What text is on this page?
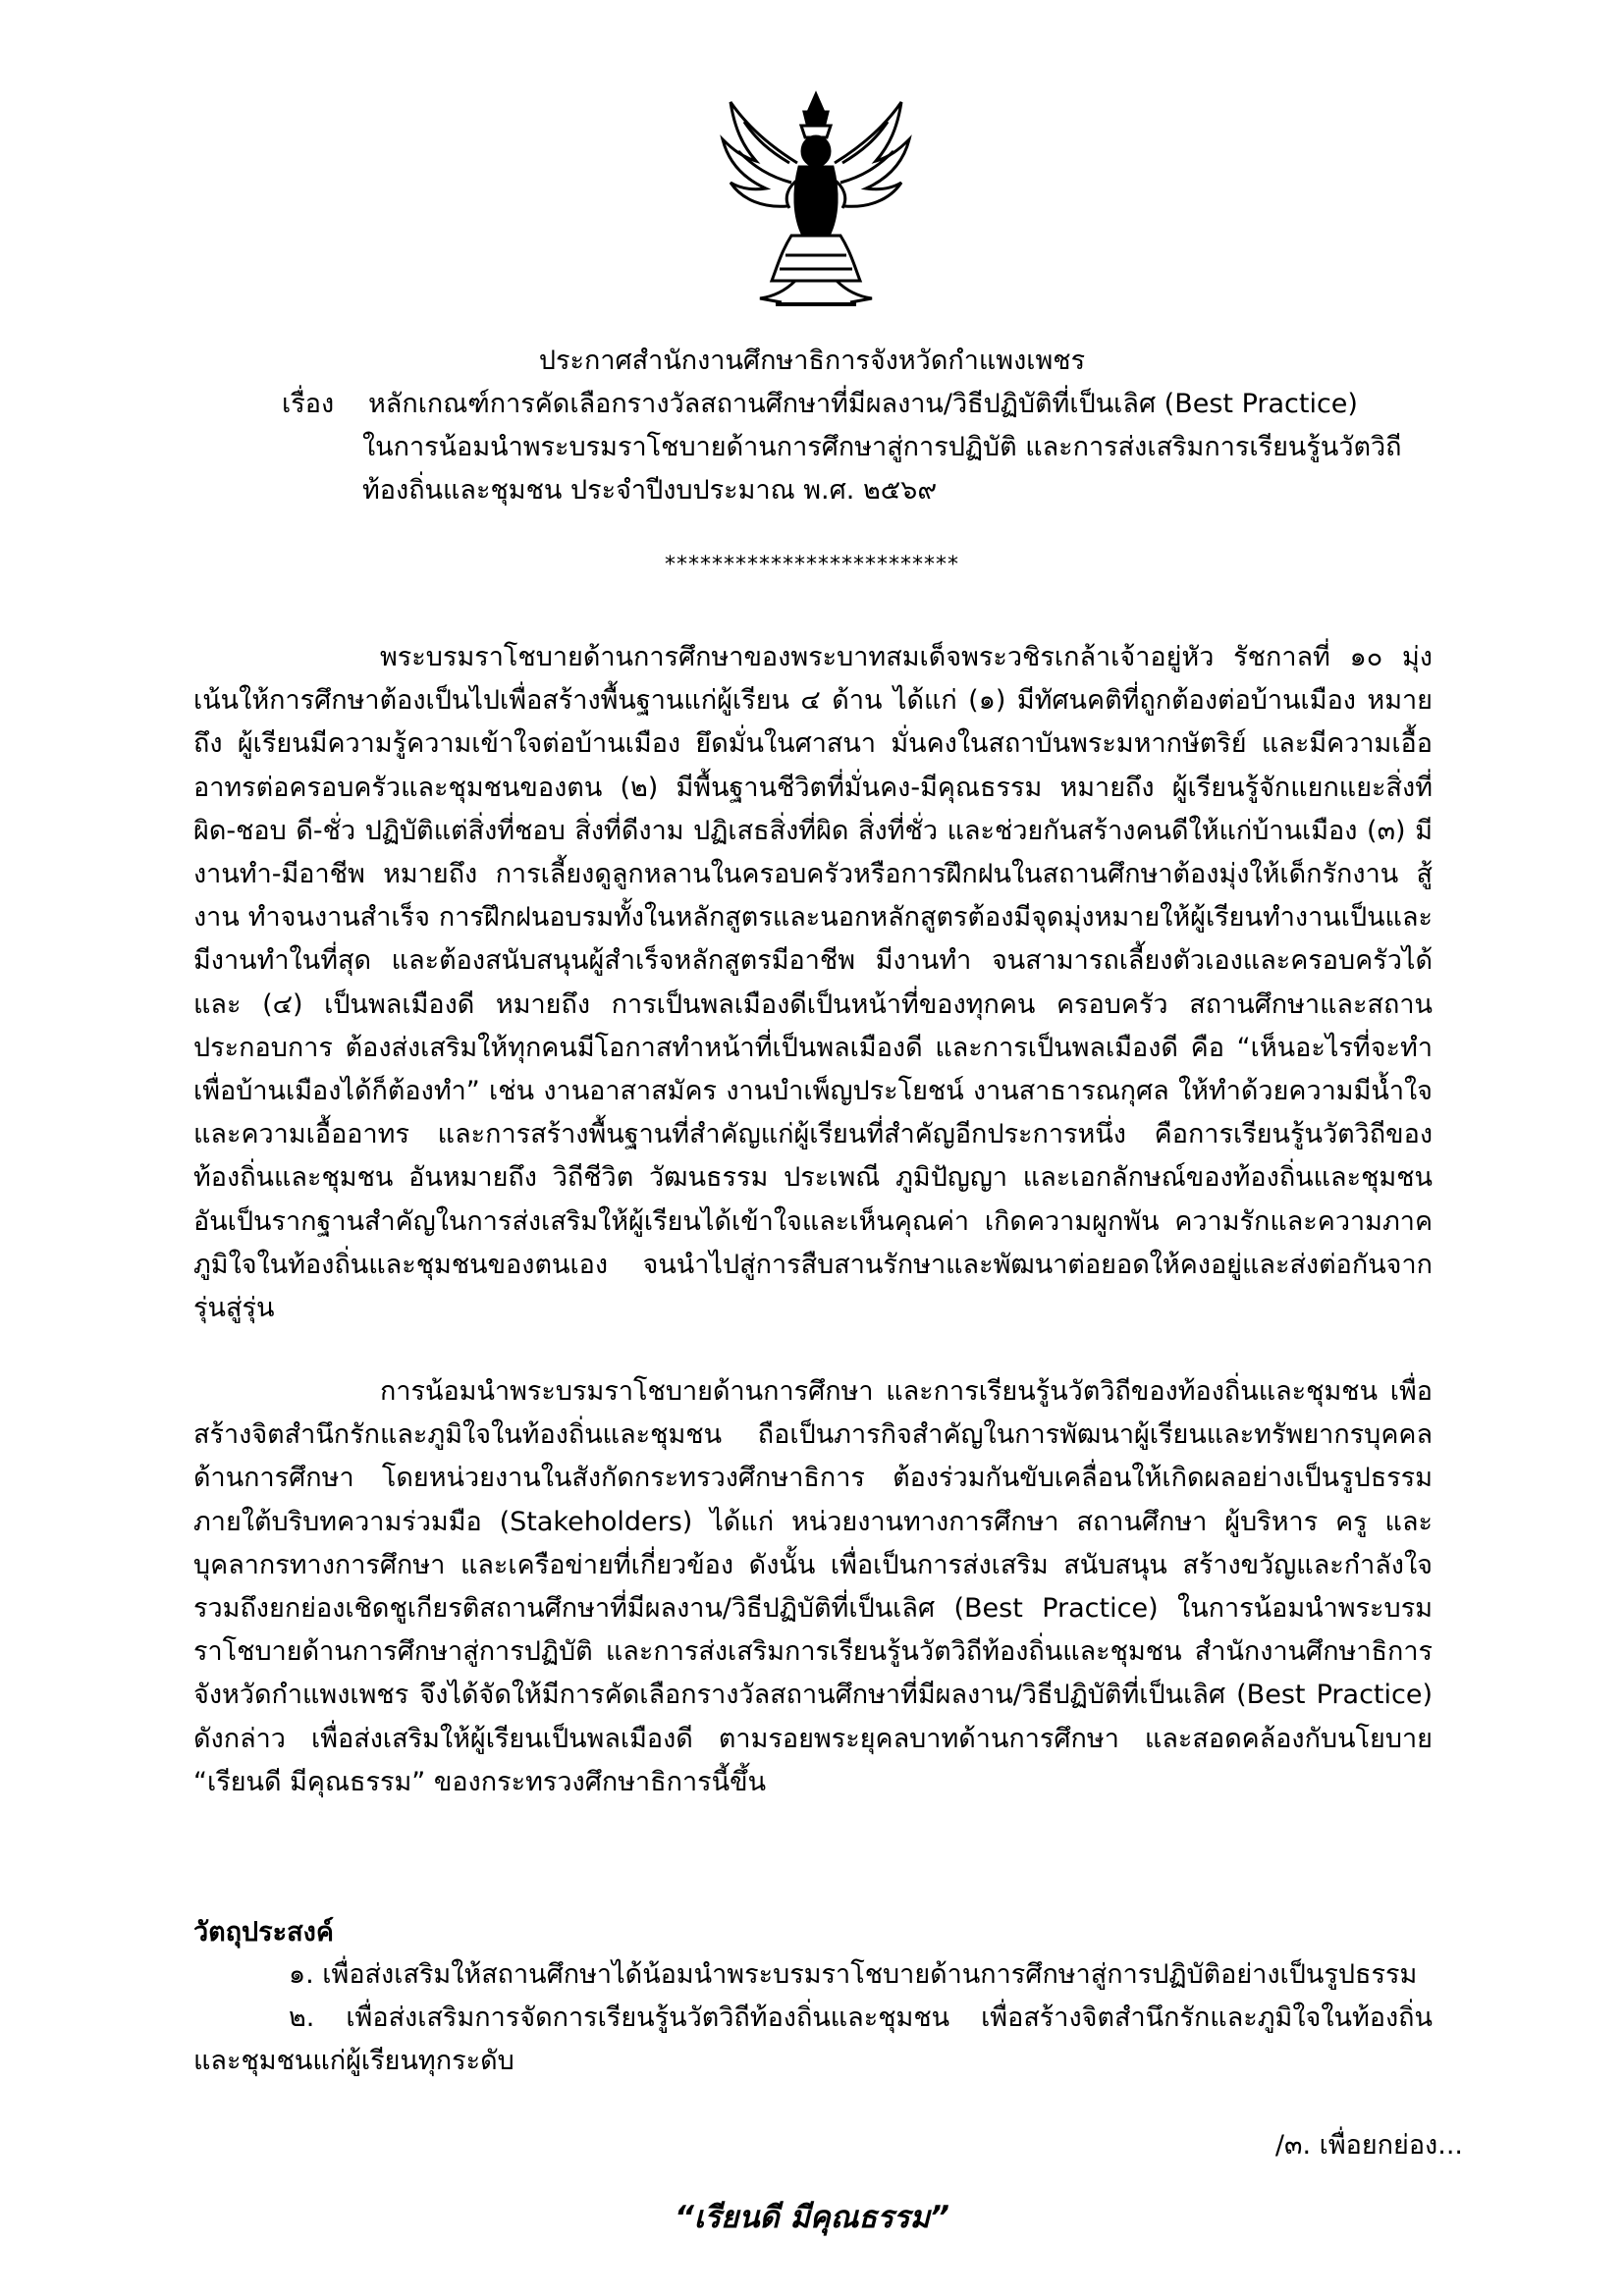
ประกาศสำนักงานศึกษาธิการจังหวัดกำแพงเพชร
เรื่อง หลักเกณฑ์การคัดเลือกรางวัลสถานศึกษาที่มีผลงาน/วิธีปฏิบัติที่เป็นเลิศ (Best Practice)
ในการน้อมนำพระบรมราโชบายด้านการศึกษาสู่การปฏิบัติ และการส่งเสริมการเรียนรู้นวัตวิถี
ท้องถิ่นและชุมชน ประจำปีงบประมาณ พ.ศ. ๒๕๖๙
*************************
พระบรมราโชบายด้านการศึกษาของพระบาทสมเด็จพระวชิรเกล้าเจ้าอยู่หัว รัชกาลที่ ๑๐ มุ่งเน้นให้การศึกษาต้องเป็นไปเพื่อสร้างพื้นฐานแก่ผู้เรียน ๔ ด้าน ได้แก่ (๑) มีทัศนคติที่ถูกต้องต่อบ้านเมือง หมายถึง ผู้เรียนมีความรู้ความเข้าใจต่อบ้านเมือง ยึดมั่นในศาสนา มั่นคงในสถาบันพระมหากษัตริย์ และมีความเอื้ออาทรต่อครอบครัวและชุมชนของตน (๒) มีพื้นฐานชีวิตที่มั่นคง-มีคุณธรรม หมายถึง ผู้เรียนรู้จักแยกแยะสิ่งที่ผิด-ชอบ ดี-ชั่ว ปฏิบัติแต่สิ่งที่ชอบ สิ่งที่ดีงาม ปฏิเสธสิ่งที่ผิด สิ่งที่ชั่ว และช่วยกันสร้างคนดีให้แก่บ้านเมือง (๓) มีงานทำ-มีอาชีพ หมายถึง การเลี้ยงดูลูกหลานในครอบครัวหรือการฝึกฝนในสถานศึกษาต้องมุ่งให้เด็กรักงาน สู้งาน ทำจนงานสำเร็จ การฝึกฝนอบรมทั้งในหลักสูตรและนอกหลักสูตรต้องมีจุดมุ่งหมายให้ผู้เรียนทำงานเป็นและมีงานทำในที่สุด และต้องสนับสนุนผู้สำเร็จหลักสูตรมีอาชีพ มีงานทำ จนสามารถเลี้ยงตัวเองและครอบครัวได้และ (๔) เป็นพลเมืองดี หมายถึง การเป็นพลเมืองดีเป็นหน้าที่ของทุกคน ครอบครัว สถานศึกษาและสถานประกอบการ ต้องส่งเสริมให้ทุกคนมีโอกาสทำหน้าที่เป็นพลเมืองดี และการเป็นพลเมืองดี คือ “เห็นอะไรที่จะทำเพื่อบ้านเมืองได้ก็ต้องทำ” เช่น งานอาสาสมัคร งานบำเพ็ญประโยชน์ งานสาธารณกุศล ให้ทำด้วยความมีน้ำใจ และความเอื้ออาทร และการสร้างพื้นฐานที่สำคัญแก่ผู้เรียนที่สำคัญอีกประการหนึ่ง คือการเรียนรู้นวัตวิถีของท้องถิ่นและชุมชน อันหมายถึง วิถีชีวิต วัฒนธรรม ประเพณี ภูมิปัญญา และเอกลักษณ์ของท้องถิ่นและชุมชน อันเป็นรากฐานสำคัญในการส่งเสริมให้ผู้เรียนได้เข้าใจและเห็นคุณค่า เกิดความผูกพัน ความรักและความภาคภูมิใจในท้องถิ่นและชุมชนของตนเอง จนนำไปสู่การสืบสานรักษาและพัฒนาต่อยอดให้คงอยู่และส่งต่อกันจากรุ่นสู่รุ่น
การน้อมนำพระบรมราโชบายด้านการศึกษา และการเรียนรู้นวัตวิถีของท้องถิ่นและชุมชน เพื่อสร้างจิตสำนึกรักและภูมิใจในท้องถิ่นและชุมชน ถือเป็นภารกิจสำคัญในการพัฒนาผู้เรียนและทรัพยากรบุคคลด้านการศึกษา โดยหน่วยงานในสังกัดกระทรวงศึกษาธิการ ต้องร่วมกันขับเคลื่อนให้เกิดผลอย่างเป็นรูปธรรม ภายใต้บริบทความร่วมมือ (Stakeholders) ได้แก่ หน่วยงานทางการศึกษา สถานศึกษา ผู้บริหาร ครู และบุคลากรทางการศึกษา และเครือข่ายที่เกี่ยวข้อง ดังนั้น เพื่อเป็นการส่งเสริม สนับสนุน สร้างขวัญและกำลังใจ รวมถึงยกย่องเชิดชูเกียรติสถานศึกษาที่มีผลงาน/วิธีปฏิบัติที่เป็นเลิศ (Best Practice) ในการน้อมนำพระบรมราโชบายด้านการศึกษาสู่การปฏิบัติ และการส่งเสริมการเรียนรู้นวัตวิถีท้องถิ่นและชุมชน สำนักงานศึกษาธิการจังหวัดกำแพงเพชร จึงได้จัดให้มีการคัดเลือกรางวัลสถานศึกษาที่มีผลงาน/วิธีปฏิบัติที่เป็นเลิศ (Best Practice) ดังกล่าว เพื่อส่งเสริมให้ผู้เรียนเป็นพลเมืองดี ตามรอยพระยุคลบาทด้านการศึกษา และสอดคล้องกับนโยบาย “เรียนดี มีคุณธรรม” ของกระทรวงศึกษาธิการนี้ขึ้น
วัตถุประสงค์
๑. เพื่อส่งเสริมให้สถานศึกษาได้น้อมนำพระบรมราโชบายด้านการศึกษาสู่การปฏิบัติอย่างเป็นรูปธรรม
๒. เพื่อส่งเสริมการจัดการเรียนรู้นวัตวิถีท้องถิ่นและชุมชน เพื่อสร้างจิตสำนึกรักและภูมิใจในท้องถิ่นและชุมชนแก่ผู้เรียนทุกระดับ
/๓. เพื่อยกย่อง...
“เรียนดี มีคุณธรรม”
